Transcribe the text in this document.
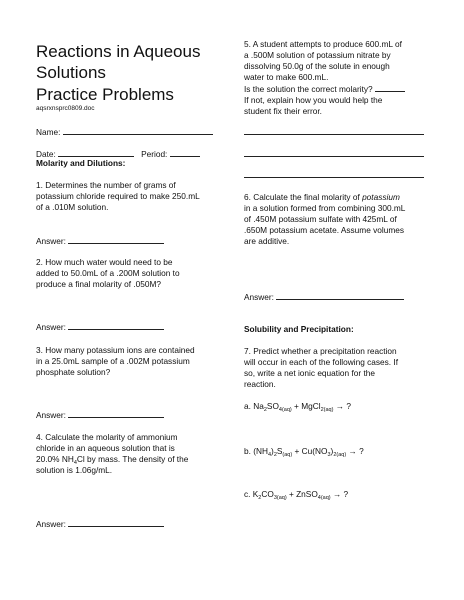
Reactions in Aqueous
Solutions
Practice Problems
aqsrxnsprc0809.doc

Name:

Date:	Period:

Molarity and Dilutions:

1. Determines the number of grams of
potassium chloride required to make 250.mL
of a .010M solution.

Answer:

2. How much water would need to be
added to 50.0mL of a .200M solution to
produce a final molarity of .050M?

Answer:

3. How many potassium ions are contained
in a 25.0mL sample of a .002M potassium
phosphate solution?

Answer:

4. Calculate the molarity of ammonium
chloride in an aqueous solution that is
20.0% $NH_4Cl$ by mass. The density of the
solution is 1.06g/mL.

Answer:

5. A student attempts to produce 600.mL of
a .500M solution of potassium nitrate by
dissolving 50.0g of the solute in enough
water to make 600.mL.
Is the solution the correct molarity?
If not, explain how you would help the
student fix their error.

6. Calculate the final molarity of potassium
in a solution formed from combining 300.mL
of .450M potassium sulfate with 425mL of
.650M potassium acetate. Assume volumes
are additive.

Answer:

Solubility and Precipitation:

7. Predict whether a precipitation reaction
will occur in each of the following cases. If
so, write a net ionic equation for the
reaction.

a. $Na_2SO_{4(aq)}$ + MgCl$_{2(aq)}$ → ?

b. $(NH_4)_2S_{(aq)} + Cu(NO_3)_{2(aq)}$ → ?

c. $K_2CO_{3(aq)}$ + ZnSO$_{4(aq)}$ → ?
